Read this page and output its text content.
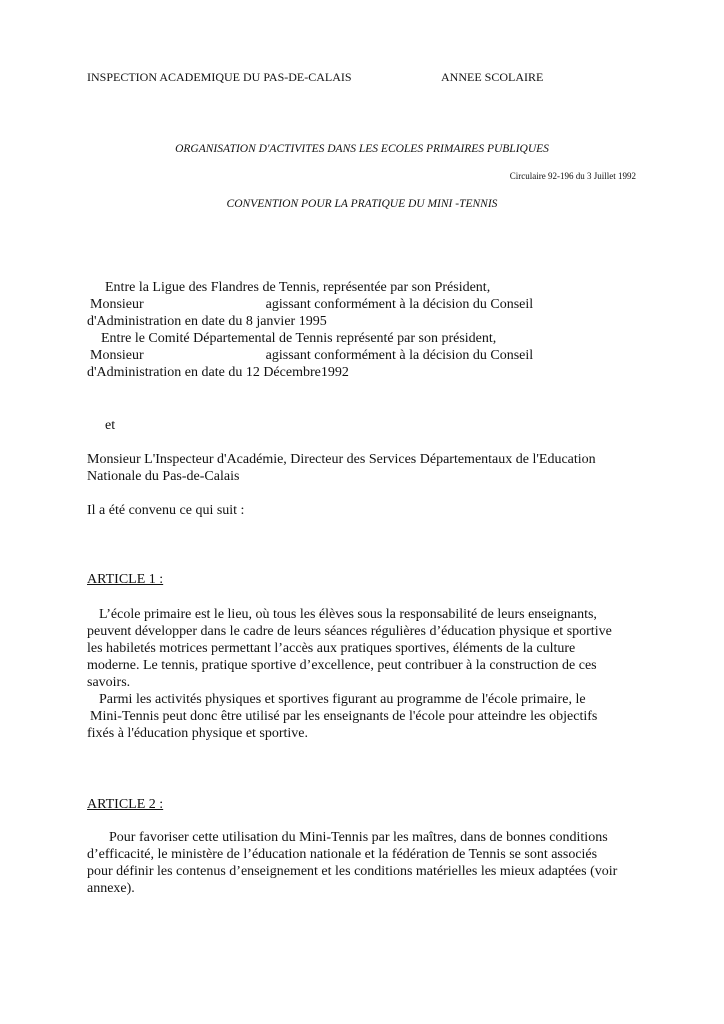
INSPECTION ACADEMIQUE DU PAS-DE-CALAIS	ANNEE SCOLAIRE
ORGANISATION D'ACTIVITES DANS LES ECOLES PRIMAIRES PUBLIQUES
Circulaire 92-196 du 3 Juillet 1992
CONVENTION POUR LA PRATIQUE DU MINI -TENNIS
Entre la Ligue des Flandres de Tennis, représentée par son Président,
Monsieur	agissant conformément à la décision du Conseil
d'Administration en date du 8 janvier 1995
Entre le Comité Départemental de Tennis représenté par son président,
Monsieur	agissant conformément à la décision du Conseil
d'Administration en date du 12 Décembre1992
et
Monsieur L'Inspecteur d'Académie, Directeur des Services Départementaux de l'Education
Nationale du Pas-de-Calais
Il a été convenu ce qui suit :
ARTICLE 1 :
L’école primaire est le lieu, où tous les élèves sous la responsabilité de leurs enseignants,
peuvent développer dans le cadre de leurs séances régulières d’éducation physique et sportive
les habiletés motrices permettant l’accès aux pratiques sportives, éléments de la culture
moderne. Le tennis, pratique sportive d’excellence, peut contribuer à la construction de ces
savoirs.
Parmi les activités physiques et sportives figurant au programme de l'école primaire, le
Mini-Tennis peut donc être utilisé par les enseignants de l'école pour atteindre les objectifs
fixés à l'éducation physique et sportive.
ARTICLE 2 :
Pour favoriser cette utilisation du Mini-Tennis par les maîtres, dans de bonnes conditions
d’efficacité, le ministère de l’éducation nationale et la fédération de Tennis se sont associés
pour définir les contenus d’enseignement et les conditions matérielles les mieux adaptées (voir
annexe).
